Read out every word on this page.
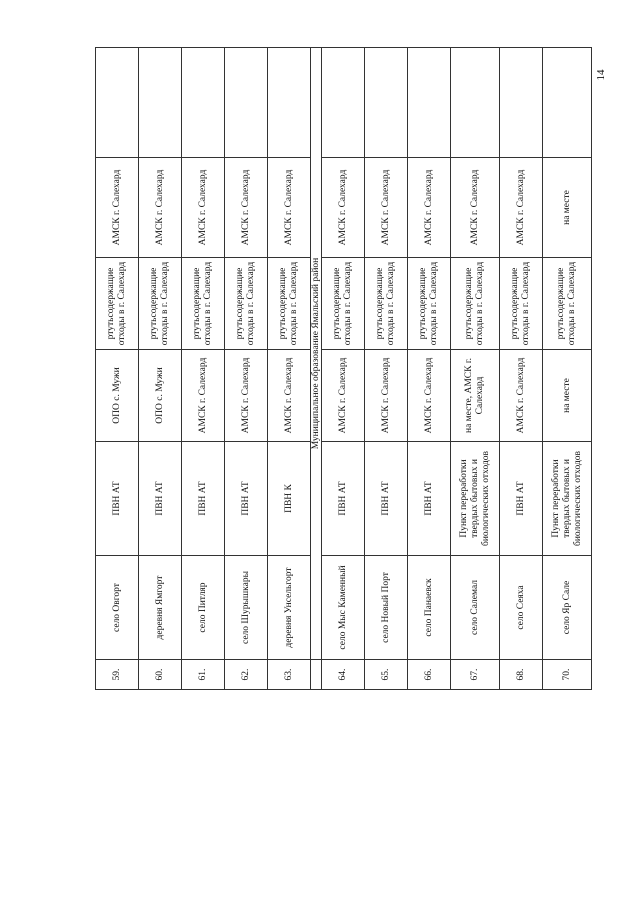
14
59.	село Овгорт	ПВН АТ	ОПО с. Мужи	ртутьсодержащие отходы в г. Салехард	АМСК г. Салехард	
60.	деревня Ямгорт	ПВН АТ	ОПО с. Мужи	ртутьсодержащие отходы в г. Салехард	АМСК г. Салехард	
61.	село Питляр	ПВН АТ	АМСК г. Салехард	ртутьсодержащие отходы в г. Салехард	АМСК г. Салехард	
62.	село Шурышкары	ПВН АТ	АМСК г. Салехард	ртутьсодержащие отходы в г. Салехард	АМСК г. Салехард	
63.	деревня Унсельгорт	ПВН К	АМСК г. Салехард	ртутьсодержащие отходы в г. Салехард	АМСК г. Салехард	
	Муниципальное образование Ямальский район					
64.	село Мыс Каменный	ПВН АТ	АМСК г. Салехард	ртутьсодержащие отходы в г. Салехард	АМСК г. Салехард	
65.	село Новый Порт	ПВН АТ	АМСК г. Салехард	ртутьсодержащие отходы в г. Салехард	АМСК г. Салехард	
66.	село Панаевск	ПВН АТ	АМСК г. Салехард	ртутьсодержащие отходы в г. Салехард	АМСК г. Салехард	
67.	село Салемал	Пункт переработки твердых бытовых и биологических отходов	на месте, АМСК г. Салехард	ртутьсодержащие отходы в г. Салехард	АМСК г. Салехард	
68.	село Сеяха	ПВН АТ	АМСК г. Салехард	ртутьсодержащие отходы в г. Салехард	АМСК г. Салехард	
70.	село Яр Сале	Пункт переработки твердых бытовых и биологических отходов	на месте	ртутьсодержащие отходы в г. Салехард	на месте	
